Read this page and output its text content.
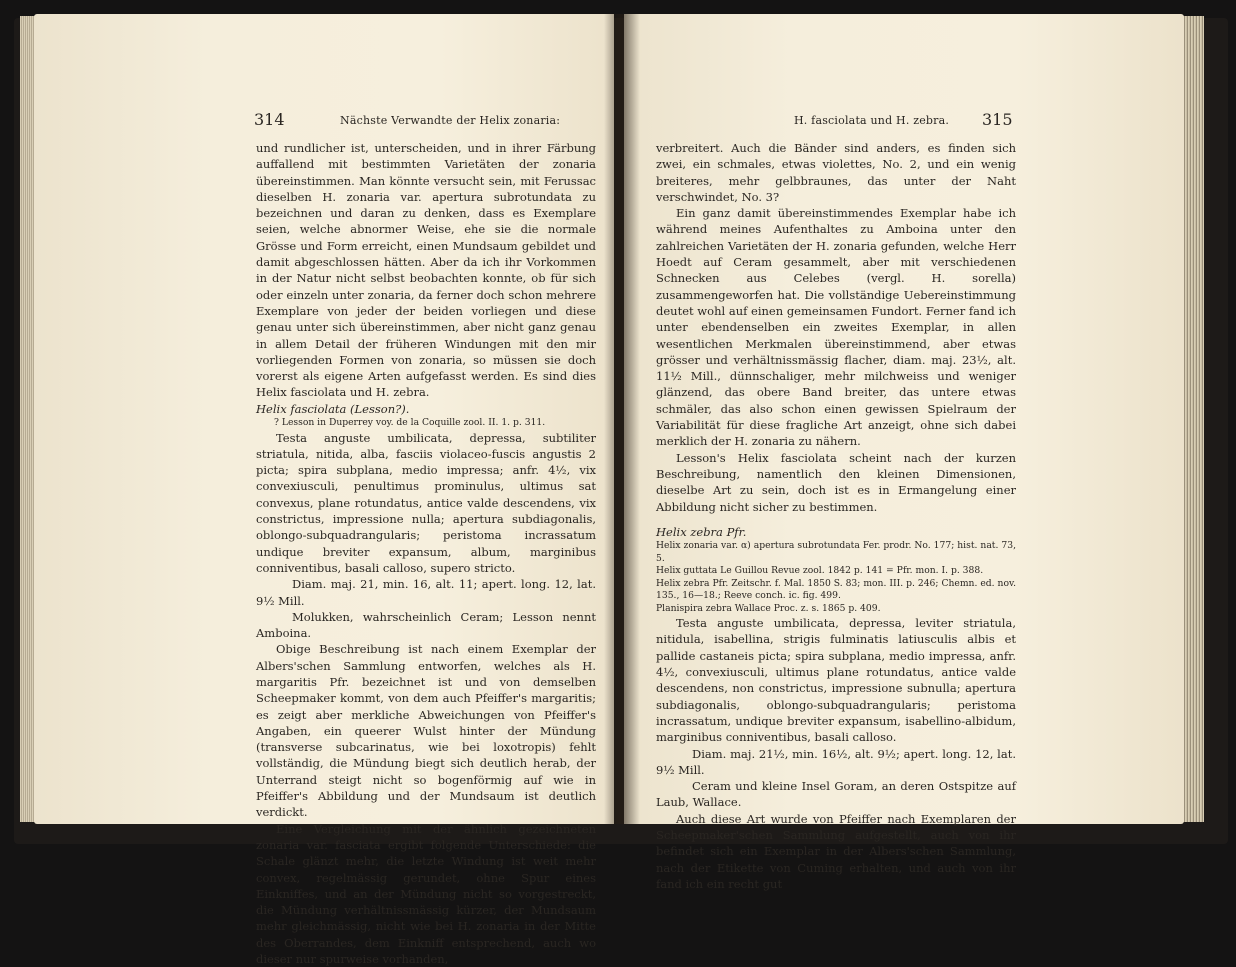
314	Nächste Verwandte der Helix zonaria:

und rundlicher ist, unterscheiden, und in ihrer Färbung auffallend mit bestimmten Varietäten der zonaria übereinstimmen. Man könnte versucht sein, mit Ferussac dieselben H. zonaria var. apertura subrotundata zu bezeichnen und daran zu denken, dass es Exemplare seien, welche abnormer Weise, ehe sie die normale Grösse und Form erreicht, einen Mundsaum gebildet und damit abgeschlossen hätten. Aber da ich ihr Vorkommen in der Natur nicht selbst beobachten konnte, ob für sich oder einzeln unter zonaria, da ferner doch schon mehrere Exemplare von jeder der beiden vorliegen und diese genau unter sich übereinstimmen, aber nicht ganz genau in allem Detail der früheren Windungen mit den mir vorliegenden Formen von zonaria, so müssen sie doch vorerst als eigene Arten aufgefasst werden. Es sind dies Helix fasciolata und H. zebra.

Helix fasciolata (Lesson?).

? Lesson in Duperrey voy. de la Coquille zool. II. 1. p. 311.

Testa anguste umbilicata, depressa, subtiliter striatula, nitida, alba, fasciis violaceo-fuscis angustis 2 picta; spira subplana, medio impressa; anfr. 4½, vix convexiusculi, penultimus prominulus, ultimus sat convexus, plane rotundatus, antice valde descendens, vix constrictus, impressione nulla; apertura subdiagonalis, oblongo-subquadrangularis; peristoma incrassatum undique breviter expansum, album, marginibus conniventibus, basali calloso, supero stricto.

Diam. maj. 21, min. 16, alt. 11; apert. long. 12, lat. 9½ Mill.

Molukken, wahrscheinlich Ceram; Lesson nennt Amboina.

Obige Beschreibung ist nach einem Exemplar der Albers'schen Sammlung entworfen, welches als H. margaritis Pfr. bezeichnet ist und von demselben Scheepmaker kommt, von dem auch Pfeiffer's margaritis; es zeigt aber merkliche Abweichungen von Pfeiffer's Angaben, ein queerer Wulst hinter der Mündung (transverse subcarinatus, wie bei loxotropis) fehlt vollständig, die Mündung biegt sich deutlich herab, der Unterrand steigt nicht so bogenförmig auf wie in Pfeiffer's Abbildung und der Mundsaum ist deutlich verdickt.

Eine Vergleichung mit der ähnlich gezeichneten zonaria var. fasciata ergibt folgende Unterschiede: die Schale glänzt mehr, die letzte Windung ist weit mehr convex, regelmässig gerundet, ohne Spur eines Einkniffes, und an der Mündung nicht so vorgestreckt, die Mündung verhältnissmässig kürzer, der Mundsaum mehr gleichmässig, nicht wie bei H. zonaria in der Mitte des Oberrandes, dem Einkniff entsprechend, auch wo dieser nur spurweise vorhanden,

H. fasciolata und H. zebra. 315

verbreitert. Auch die Bänder sind anders, es finden sich zwei, ein schmales, etwas violettes, No. 2, und ein wenig breiteres, mehr gelbbraunes, das unter der Naht verschwindet, No. 3?

Ein ganz damit übereinstimmendes Exemplar habe ich während meines Aufenthaltes zu Amboina unter den zahlreichen Varietäten der H. zonaria gefunden, welche Herr Hoedt auf Ceram gesammelt, aber mit verschiedenen Schnecken aus Celebes (vergl. H. sorella) zusammengeworfen hat. Die vollständige Uebereinstimmung deutet wohl auf einen gemeinsamen Fundort. Ferner fand ich unter ebendenselben ein zweites Exemplar, in allen wesentlichen Merkmalen übereinstimmend, aber etwas grösser und verhältnissmässig flacher, diam. maj. 23½, alt. 11½ Mill., dünnschaliger, mehr milchweiss und weniger glänzend, das obere Band breiter, das untere etwas schmäler, das also schon einen gewissen Spielraum der Variabilität für diese fragliche Art anzeigt, ohne sich dabei merklich der H. zonaria zu nähern.

Lesson's Helix fasciolata scheint nach der kurzen Beschreibung, namentlich den kleinen Dimensionen, dieselbe Art zu sein, doch ist es in Ermangelung einer Abbildung nicht sicher zu bestimmen.

Helix zebra Pfr.

Helix zonaria var. α) apertura subrotundata Fer. prodr. No. 177; hist. nat. 73, 5.

Helix guttata Le Guillou Revue zool. 1842 p. 141 = Pfr. mon. I. p. 388.

Helix zebra Pfr. Zeitschr. f. Mal. 1850 S. 83; mon. III. p. 246; Chemn. ed. nov. 135., 16—18.; Reeve conch. ic. fig. 499.

Planispira zebra Wallace Proc. z. s. 1865 p. 409.

Testa anguste umbilicata, depressa, leviter striatula, nitidula, isabellina, strigis fulminatis latiusculis albis et pallide castaneis picta; spira subplana, medio impressa, anfr. 4½, convexiusculi, ultimus plane rotundatus, antice valde descendens, non constrictus, impressione subnulla; apertura subdiagonalis, oblongo-subquadrangularis; peristoma incrassatum, undique breviter expansum, isabellino-albidum, marginibus conniventibus, basali calloso.

Diam. maj. 21½, min. 16½, alt. 9½; apert. long. 12, lat. 9½ Mill.

Ceram und kleine Insel Goram, an deren Ostspitze auf Laub, Wallace.

Auch diese Art wurde von Pfeiffer nach Exemplaren der Scheepmaker'schen Sammlung aufgestellt, auch von ihr befindet sich ein Exemplar in der Albers'schen Sammlung, nach der Etikette von Cuming erhalten, und auch von ihr fand ich ein recht gut
